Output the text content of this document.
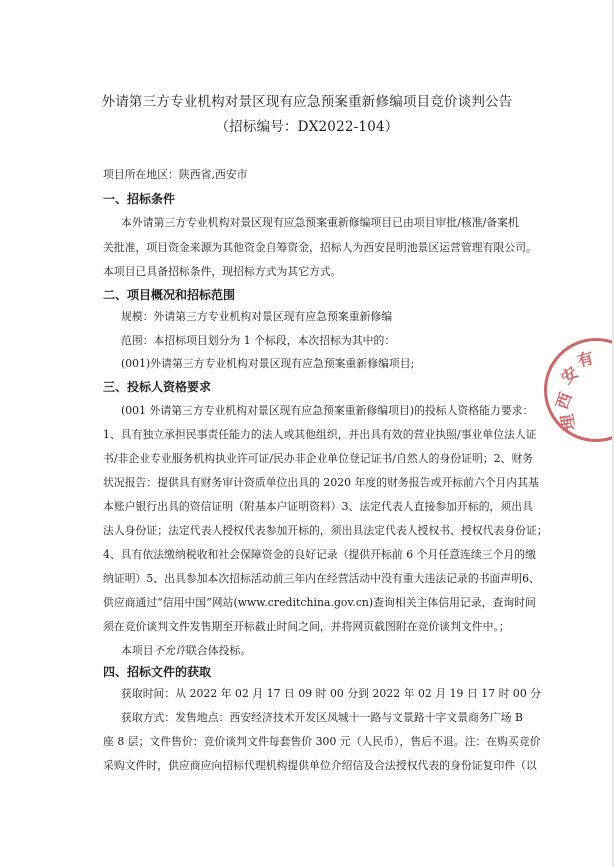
外请第三方专业机构对景区现有应急预案重新修编项目竞价谈判公告
（招标编号：DX2022-104）
项目所在地区：陕西省,西安市
一、招标条件
本外请第三方专业机构对景区现有应急预案重新修编项目已由项目审批/核准/备案机
关批准，项目资金来源为其他资金自筹资金，招标人为西安昆明池景区运营管理有限公司。
本项目已具备招标条件，现招标方式为其它方式。
二、项目概况和招标范围
规模：外请第三方专业机构对景区现有应急预案重新修编
范围：本招标项目划分为 1 个标段，本次招标为其中的：
(001)外请第三方专业机构对景区现有应急预案重新修编项目;
三、投标人资格要求
(001 外请第三方专业机构对景区现有应急预案重新修编项目)的投标人资格能力要求：
1、具有独立承担民事责任能力的法人或其他组织，并出具有效的营业执照/事业单位法人证
书/非企业专业服务机构执业许可证/民办非企业单位登记证书/自然人的身份证明；2、财务
状况报告：提供具有财务审计资质单位出具的 2020 年度的财务报告或开标前六个月内其基
本账户银行出具的资信证明（附基本户证明资料）3、法定代表人直接参加开标的，须出具
法人身份证；法定代表人授权代表参加开标的，须出具法定代表人授权书、授权代表身份证；
4、具有依法缴纳税收和社会保障资金的良好记录（提供开标前 6 个月任意连续三个月的缴
纳证明）5、出具参加本次招标活动前三年内在经营活动中没有重大违法记录的书面声明6、
供应商通过“信用中国”网站(www.creditchina.gov.cn)查询相关主体信用记录，查询时间
须在竞价谈判文件发售期至开标截止时间之间，并将网页截图附在竞价谈判文件中。；
本项目不允许联合体投标。
四、招标文件的获取
获取时间：从 2022 年 02 月 17 日 09 时 00 分到 2022 年 02 月 19 日 17 时 00 分
获取方式：发售地点：西安经济技术开发区凤城十一路与文景路十字文景商务广场 B
座 8 层；文件售价：竞价谈判文件每套售价 300 元（人民币），售后不退。注：在购买竞价
采购文件时，供应商应向招标代理机构提供单位介绍信及合法授权代表的身份证复印件（以
西
安
有
理
